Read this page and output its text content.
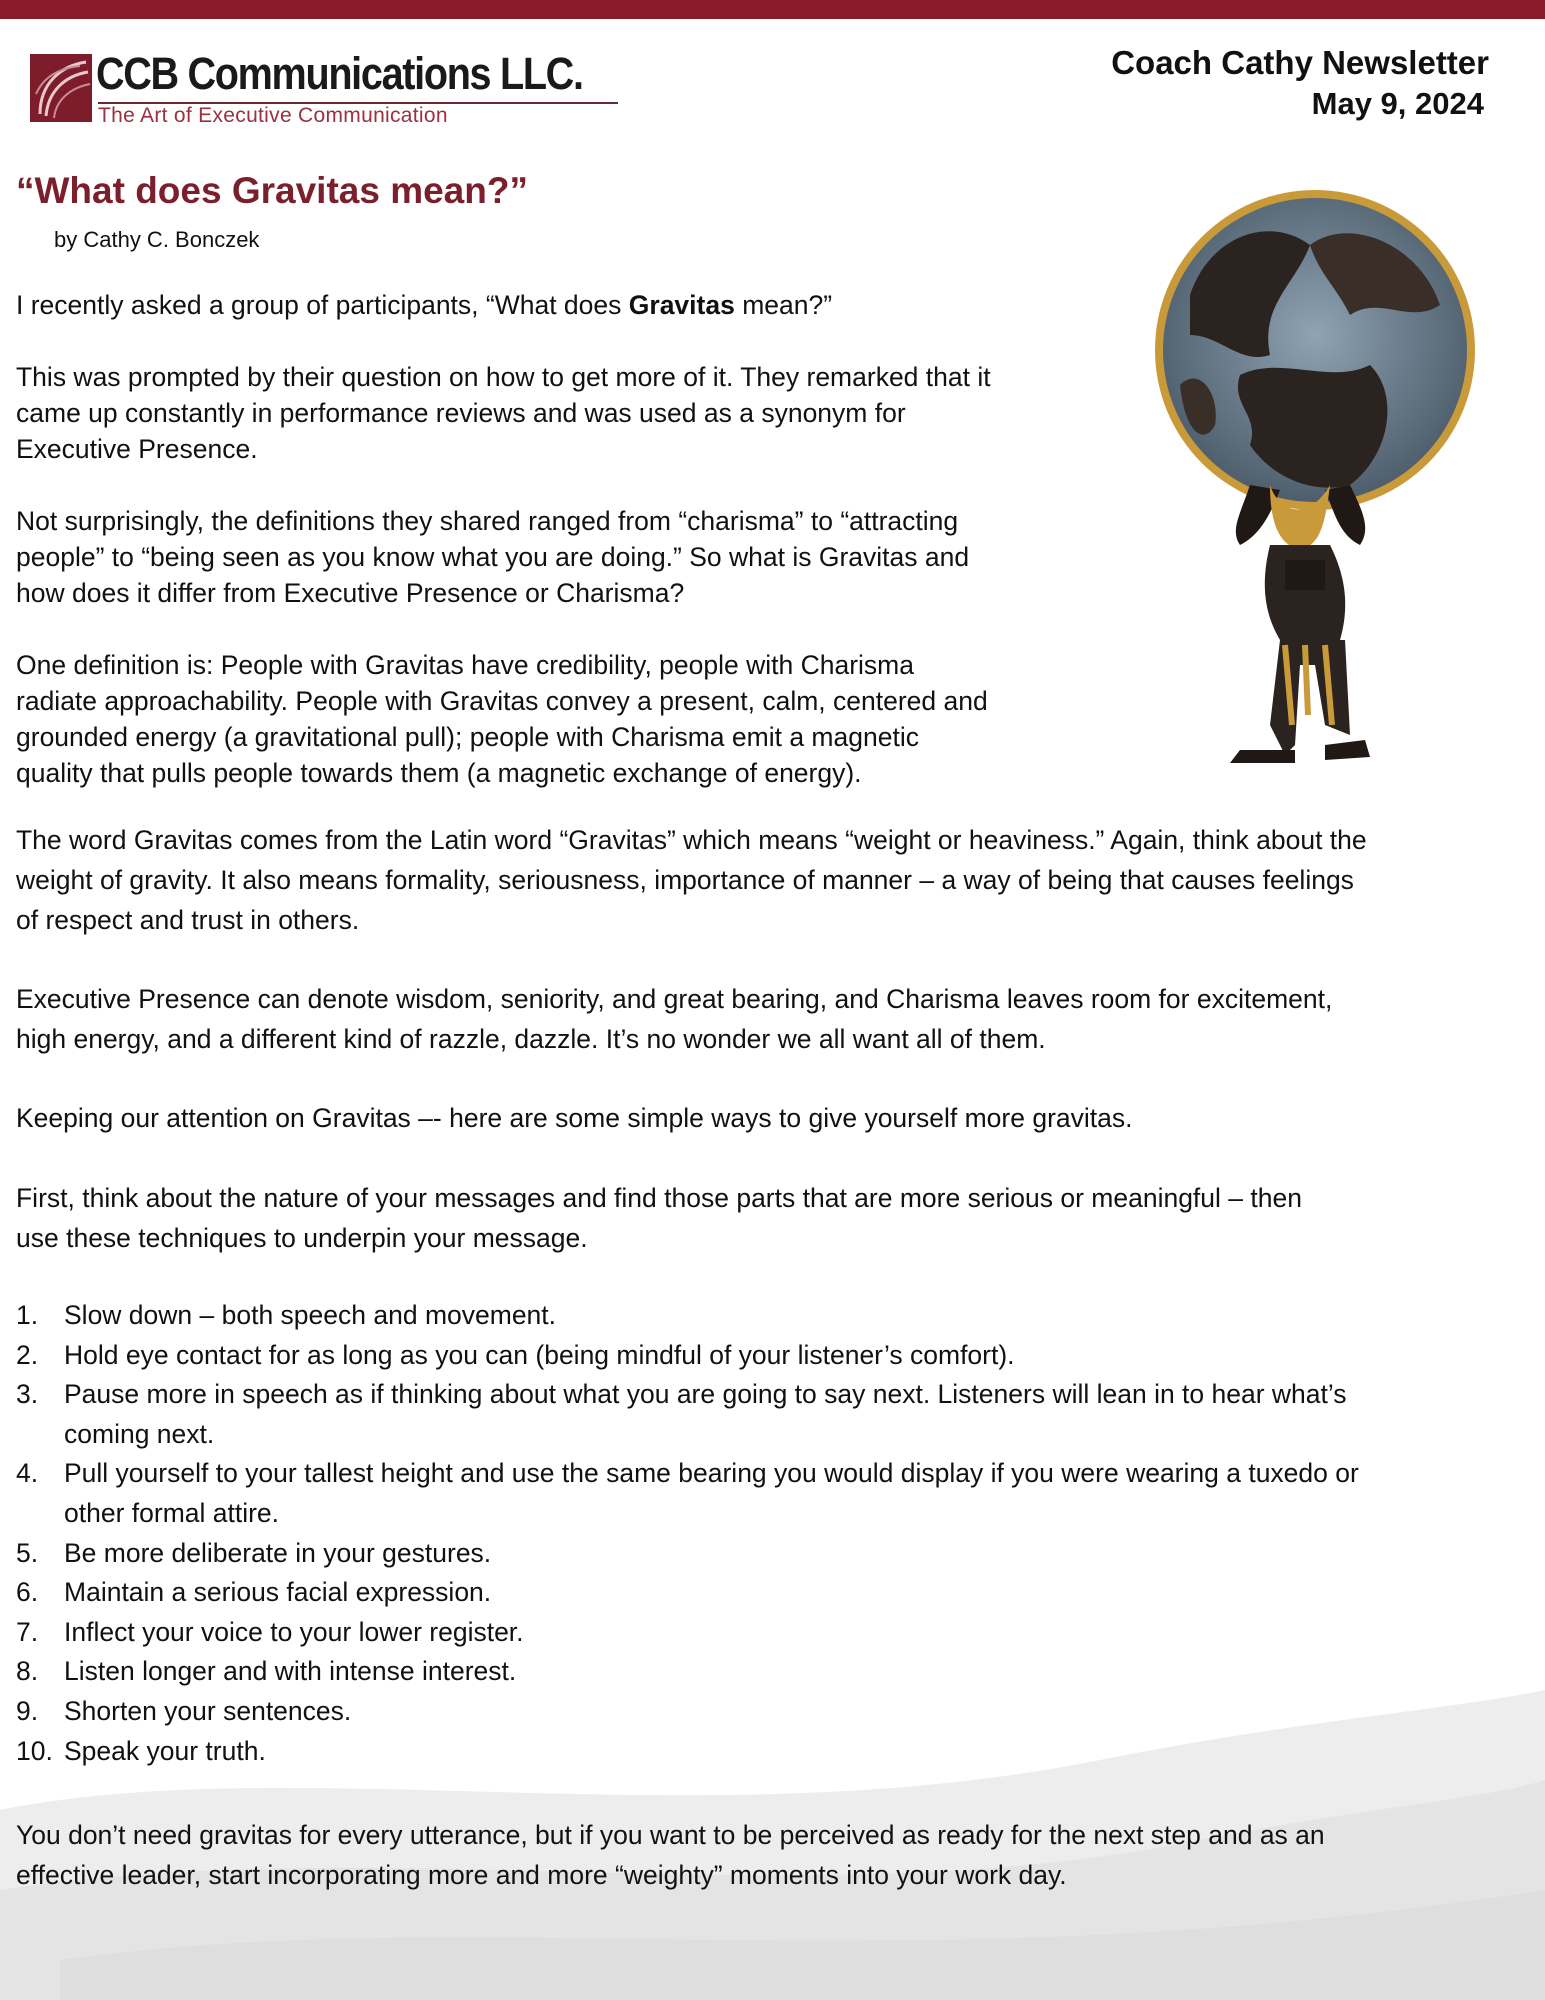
CCB Communications LLC.
The Art of Executive Communication
Coach Cathy Newsletter
May 9, 2024
“What does Gravitas mean?”
by Cathy C. Bonczek
I recently asked a group of participants, “What does Gravitas mean?”
This was prompted by their question on how to get more of it. They remarked that it
came up constantly in performance reviews and was used as a synonym for
Executive Presence.
Not surprisingly, the definitions they shared ranged from “charisma” to “attracting
people” to “being seen as you know what you are doing.” So what is Gravitas and
how does it differ from Executive Presence or Charisma?
One definition is: People with Gravitas have credibility, people with Charisma
radiate approachability. People with Gravitas convey a present, calm, centered and
grounded energy (a gravitational pull); people with Charisma emit a magnetic
quality that pulls people towards them (a magnetic exchange of energy).
The word Gravitas comes from the Latin word “Gravitas” which means “weight or heaviness.” Again, think about the
weight of gravity. It also means formality, seriousness, importance of manner – a way of being that causes feelings
of respect and trust in others.
Executive Presence can denote wisdom, seniority, and great bearing, and Charisma leaves room for excitement,
high energy, and a different kind of razzle, dazzle. It’s no wonder we all want all of them.
Keeping our attention on Gravitas –- here are some simple ways to give yourself more gravitas.
First, think about the nature of your messages and find those parts that are more serious or meaningful – then
use these techniques to underpin your message.
1. Slow down – both speech and movement.
2. Hold eye contact for as long as you can (being mindful of your listener’s comfort).
3. Pause more in speech as if thinking about what you are going to say next. Listeners will lean in to hear what’s
coming next.
4. Pull yourself to your tallest height and use the same bearing you would display if you were wearing a tuxedo or
other formal attire.
5. Be more deliberate in your gestures.
6. Maintain a serious facial expression.
7. Inflect your voice to your lower register.
8. Listen longer and with intense interest.
9. Shorten your sentences.
10. Speak your truth.
You don’t need gravitas for every utterance, but if you want to be perceived as ready for the next step and as an
effective leader, start incorporating more and more “weighty” moments into your work day.
